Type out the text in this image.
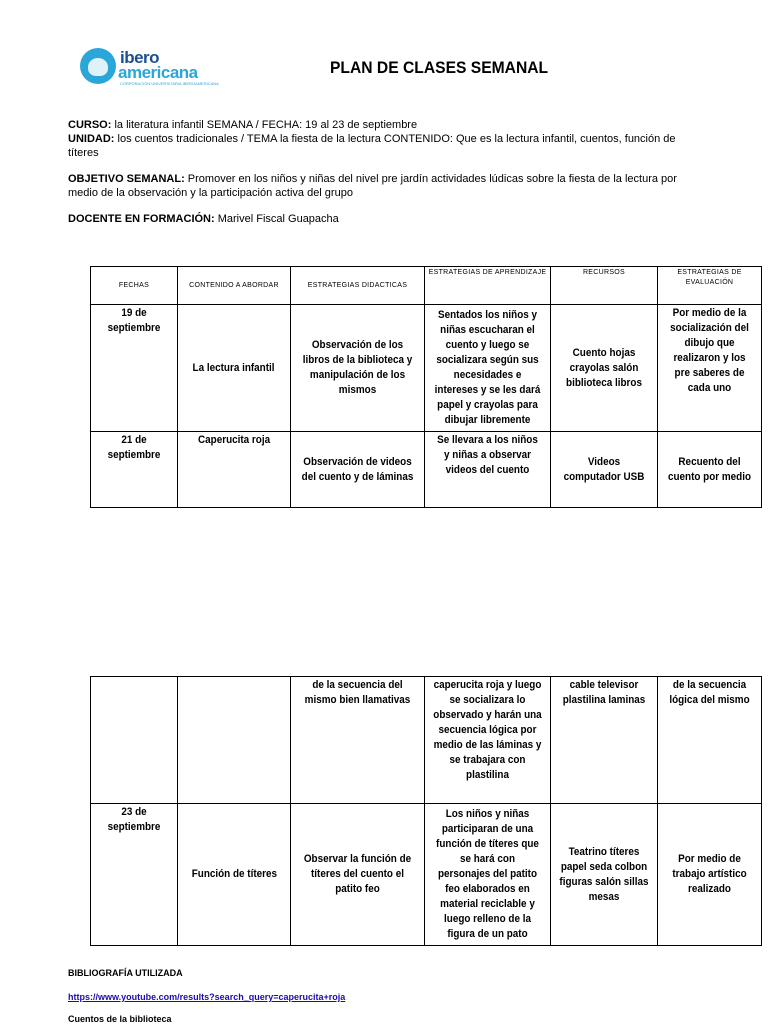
ibero
americana
CORPORACIÓN UNIVERSITARIA IBEROAMERICANA
PLAN DE CLASES SEMANAL
CURSO: la literatura infantil SEMANA / FECHA: 19 al 23 de septiembre
UNIDAD: los cuentos tradicionales / TEMA la fiesta de la lectura CONTENIDO: Que es la lectura infantil, cuentos, función de títeres
OBJETIVO SEMANAL: Promover en los niños y niñas del nivel pre jardín actividades lúdicas sobre la fiesta de la lectura por medio de la observación y la participación activa del grupo
DOCENTE EN FORMACIÓN: Marivel Fiscal Guapacha
FECHAS	CONTENIDO A ABORDAR	ESTRATEGIAS DIDACTICAS	ESTRATEGIAS DE APRENDIZAJE	RECURSOS	ESTRATEGIAS DE EVALUACIÓN
19 de septiembre	La lectura infantil	Observación de los libros de la biblioteca y manipulación de los mismos	Sentados los niños y niñas escucharan el cuento y luego se socializara según sus necesidades e intereses y se les dará papel y crayolas para dibujar libremente	Cuento hojas crayolas salón biblioteca libros	Por medio de la socialización del dibujo que realizaron y los pre saberes de cada uno
21 de septiembre	Caperucita roja	Observación de videos del cuento y de láminas	Se llevara a los niños y niñas a observar videos del cuento	Videos computador USB	Recuento del cuento por medio
		de la secuencia del mismo bien llamativas	caperucita roja y luego se socializara lo observado y harán una secuencia lógica por medio de las láminas y se trabajara con plastilina	cable televisor plastilina laminas	de la secuencia lógica del mismo
23 de septiembre	Función de títeres	Observar la función de títeres del cuento el patito feo	Los niños y niñas participaran de una función de títeres que se hará con personajes del patito feo elaborados en material reciclable y luego relleno de la figura de un pato	Teatrino títeres papel seda colbon figuras salón sillas mesas	Por medio de trabajo artístico realizado
BIBLIOGRAFÍA UTILIZADA
https://www.youtube.com/results?search_query=caperucita+roja
Cuentos de la biblioteca
